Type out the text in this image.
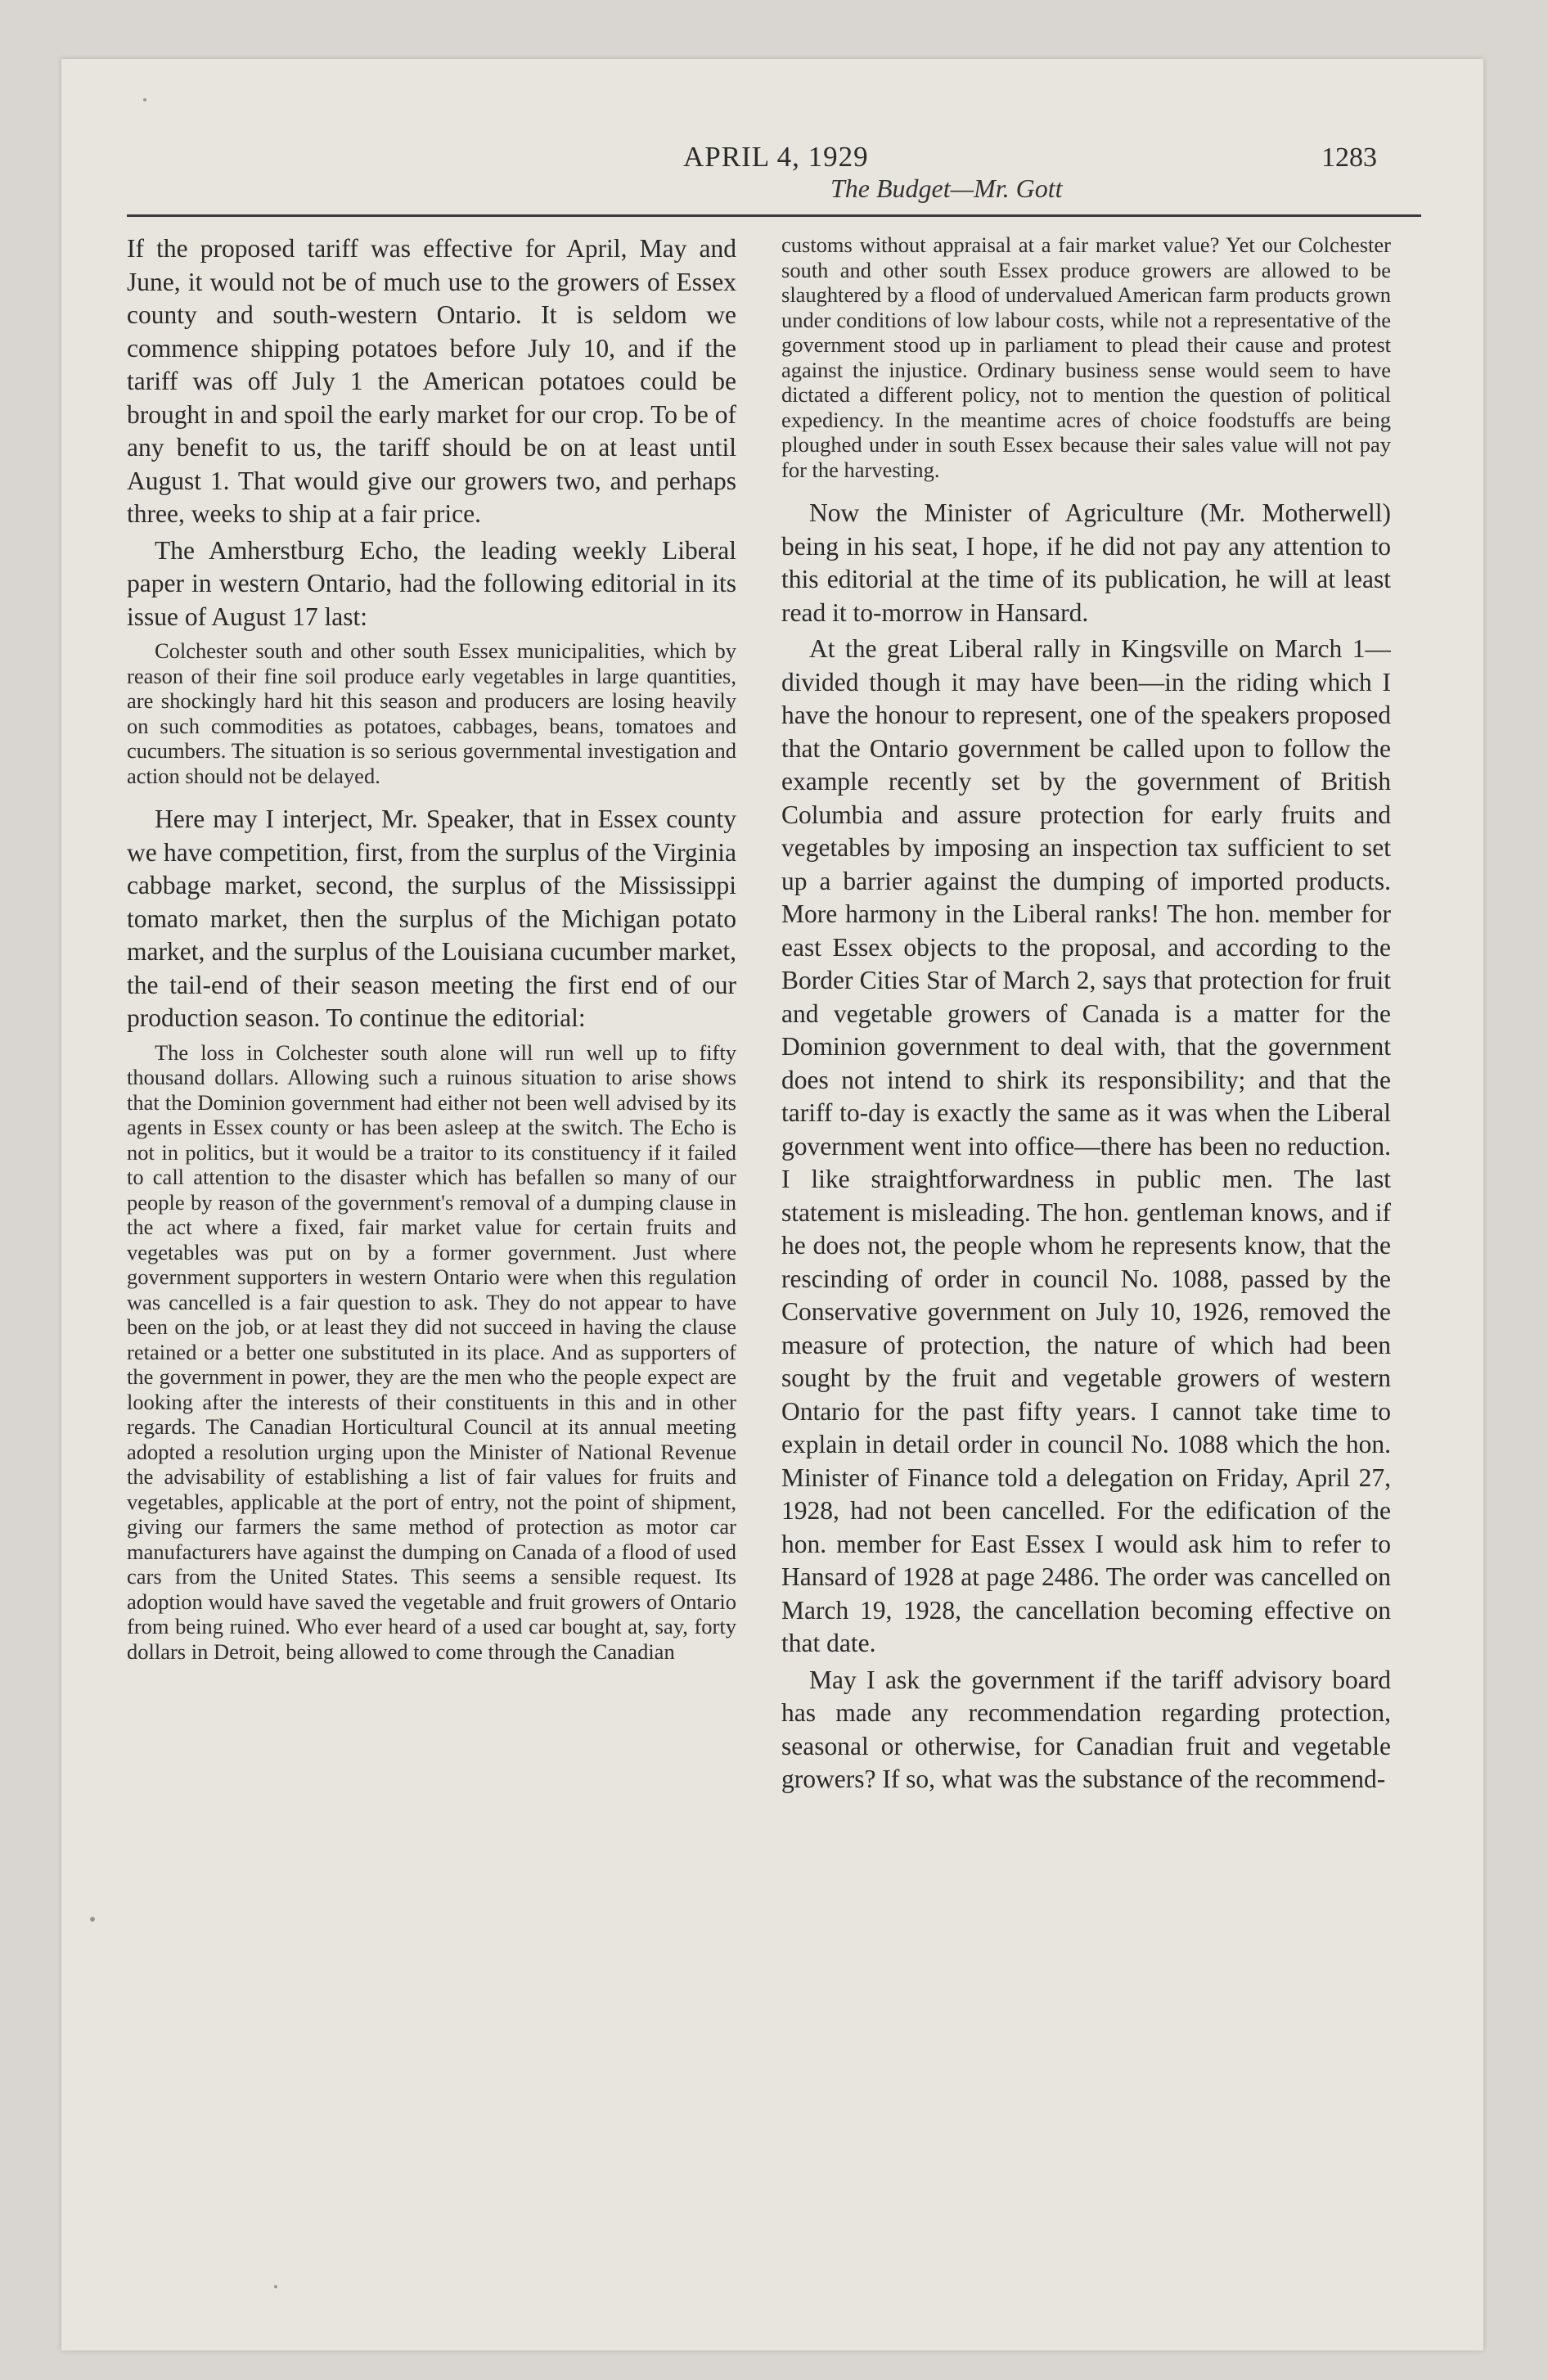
APRIL 4, 1929
The Budget—Mr. Gott
1283

If the proposed tariff was effective for April, May and June, it would not be of much use to the growers of Essex county and south-western Ontario. It is seldom we commence shipping potatoes before July 10, and if the tariff was off July 1 the American potatoes could be brought in and spoil the early market for our crop. To be of any benefit to us, the tariff should be on at least until August 1. That would give our growers two, and perhaps three, weeks to ship at a fair price.

The Amherstburg Echo, the leading weekly Liberal paper in western Ontario, had the following editorial in its issue of August 17 last:

Colchester south and other south Essex municipalities, which by reason of their fine soil produce early vegetables in large quantities, are shockingly hard hit this season and producers are losing heavily on such commodities as potatoes, cabbages, beans, tomatoes and cucumbers. The situation is so serious governmental investigation and action should not be delayed.

Here may I interject, Mr. Speaker, that in Essex county we have competition, first, from the surplus of the Virginia cabbage market, second, the surplus of the Mississippi tomato market, then the surplus of the Michigan potato market, and the surplus of the Louisiana cucumber market, the tail-end of their season meeting the first end of our production season. To continue the editorial:

The loss in Colchester south alone will run well up to fifty thousand dollars. Allowing such a ruinous situation to arise shows that the Dominion government had either not been well advised by its agents in Essex county or has been asleep at the switch. The Echo is not in politics, but it would be a traitor to its constituency if it failed to call attention to the disaster which has befallen so many of our people by reason of the government's removal of a dumping clause in the act where a fixed, fair market value for certain fruits and vegetables was put on by a former government. Just where government supporters in western Ontario were when this regulation was cancelled is a fair question to ask. They do not appear to have been on the job, or at least they did not succeed in having the clause retained or a better one substituted in its place. And as supporters of the government in power, they are the men who the people expect are looking after the interests of their constituents in this and in other regards. The Canadian Horticultural Council at its annual meeting adopted a resolution urging upon the Minister of National Revenue the advisability of establishing a list of fair values for fruits and vegetables, applicable at the port of entry, not the point of shipment, giving our farmers the same method of protection as motor car manufacturers have against the dumping on Canada of a flood of used cars from the United States. This seems a sensible request. Its adoption would have saved the vegetable and fruit growers of Ontario from being ruined. Who ever heard of a used car bought at, say, forty dollars in Detroit, being allowed to come through the Canadian

customs without appraisal at a fair market value? Yet our Colchester south and other south Essex produce growers are allowed to be slaughtered by a flood of undervalued American farm products grown under conditions of low labour costs, while not a representative of the government stood up in parliament to plead their cause and protest against the injustice. Ordinary business sense would seem to have dictated a different policy, not to mention the question of political expediency. In the meantime acres of choice foodstuffs are being ploughed under in south Essex because their sales value will not pay for the harvesting.

Now the Minister of Agriculture (Mr. Motherwell) being in his seat, I hope, if he did not pay any attention to this editorial at the time of its publication, he will at least read it to-morrow in Hansard.

At the great Liberal rally in Kingsville on March 1—divided though it may have been—in the riding which I have the honour to represent, one of the speakers proposed that the Ontario government be called upon to follow the example recently set by the government of British Columbia and assure protection for early fruits and vegetables by imposing an inspection tax sufficient to set up a barrier against the dumping of imported products. More harmony in the Liberal ranks! The hon. member for east Essex objects to the proposal, and according to the Border Cities Star of March 2, says that protection for fruit and vegetable growers of Canada is a matter for the Dominion government to deal with, that the government does not intend to shirk its responsibility; and that the tariff to-day is exactly the same as it was when the Liberal government went into office—there has been no reduction. I like straightforwardness in public men. The last statement is misleading. The hon. gentleman knows, and if he does not, the people whom he represents know, that the rescinding of order in council No. 1088, passed by the Conservative government on July 10, 1926, removed the measure of protection, the nature of which had been sought by the fruit and vegetable growers of western Ontario for the past fifty years. I cannot take time to explain in detail order in council No. 1088 which the hon. Minister of Finance told a delegation on Friday, April 27, 1928, had not been cancelled. For the edification of the hon. member for East Essex I would ask him to refer to Hansard of 1928 at page 2486. The order was cancelled on March 19, 1928, the cancellation becoming effective on that date.

May I ask the government if the tariff advisory board has made any recommendation regarding protection, seasonal or otherwise, for Canadian fruit and vegetable growers? If so, what was the substance of the recommend-
